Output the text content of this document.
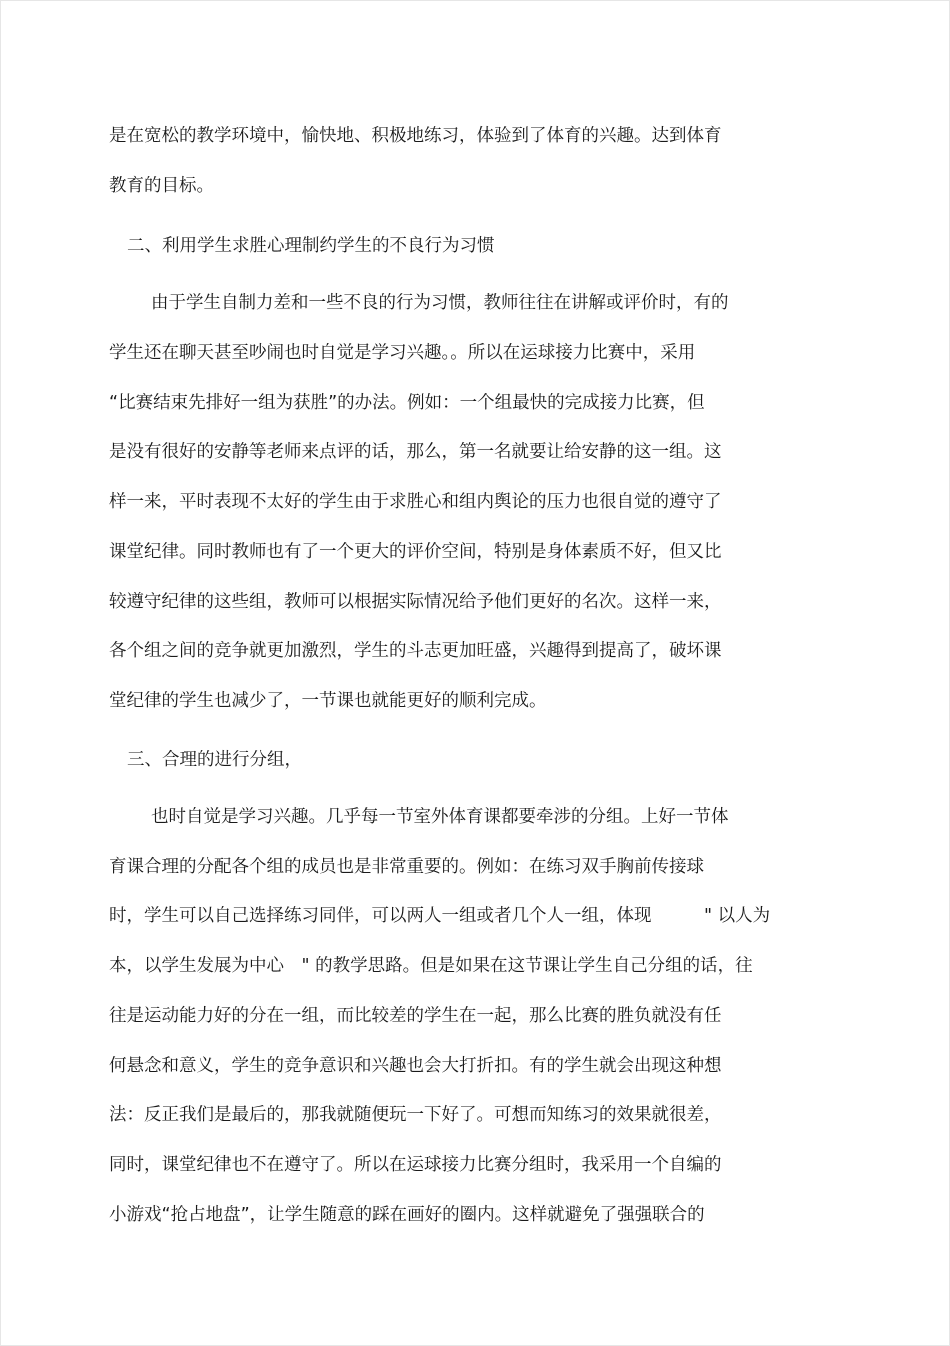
是在宽松的教学环境中，愉快地、积极地练习，体验到了体育的兴趣。达到体育
教育的目标。
二、利用学生求胜心理制约学生的不良行为习惯
由于学生自制力差和一些不良的行为习惯，教师往往在讲解或评价时，有的
学生还在聊天甚至吵闹也时自觉是学习兴趣。。所以在运球接力比赛中，采用
“比赛结束先排好一组为获胜”的办法。例如：一个组最快的完成接力比赛，但
是没有很好的安静等老师来点评的话，那么，第一名就要让给安静的这一组。这
样一来，平时表现不太好的学生由于求胜心和组内舆论的压力也很自觉的遵守了
课堂纪律。同时教师也有了一个更大的评价空间，特别是身体素质不好，但又比
较遵守纪律的这些组，教师可以根据实际情况给予他们更好的名次。这样一来，
各个组之间的竞争就更加激烈，学生的斗志更加旺盛，兴趣得到提高了，破坏课
堂纪律的学生也减少了，一节课也就能更好的顺利完成。
三、合理的进行分组，
也时自觉是学习兴趣。几乎每一节室外体育课都要牵涉的分组。上好一节体
育课合理的分配各个组的成员也是非常重要的。例如：在练习双手胸前传接球
时，学生可以自己选择练习同伴，可以两人一组或者几个人一组，体现　　　" 以人为
本，以学生发展为中心　" 的教学思路。但是如果在这节课让学生自己分组的话，往
往是运动能力好的分在一组，而比较差的学生在一起，那么比赛的胜负就没有任
何悬念和意义，学生的竞争意识和兴趣也会大打折扣。有的学生就会出现这种想
法：反正我们是最后的，那我就随便玩一下好了。可想而知练习的效果就很差，
同时，课堂纪律也不在遵守了。所以在运球接力比赛分组时，我采用一个自编的
小游戏“抢占地盘”，让学生随意的踩在画好的圈内。这样就避免了强强联合的
